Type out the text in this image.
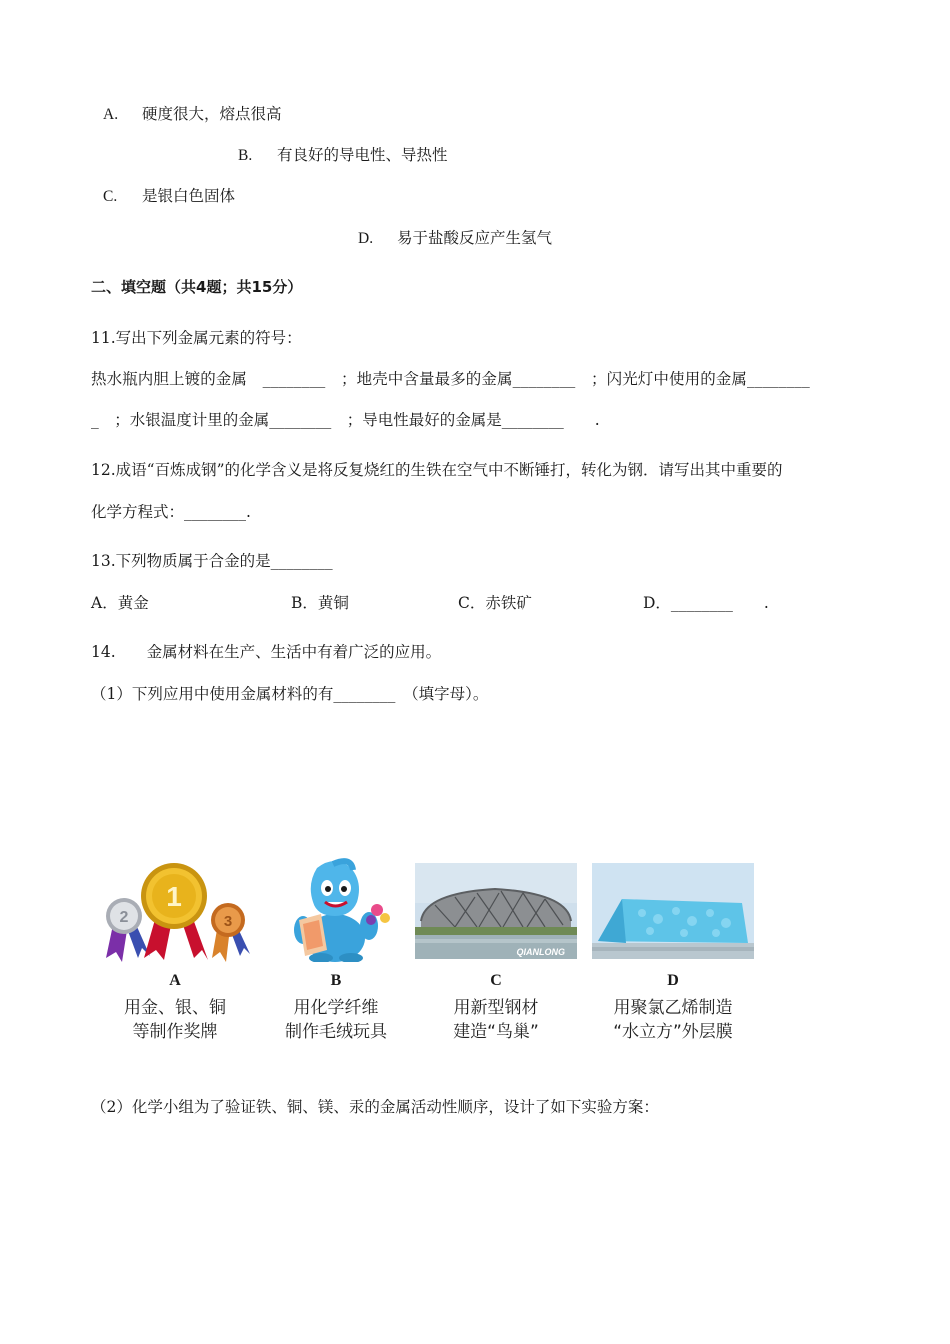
A. 硬度很大，熔点很高
B. 有良好的导电性、导热性
C. 是银白色固体
D. 易于盐酸反应产生氢气
二、填空题（共4题；共15分）
11.写出下列金属元素的符号：
热水瓶内胆上镀的金属　________　；地壳中含量最多的金属________　；闪光灯中使用的金属________
_　；水银温度计里的金属________　；导电性最好的金属是________　　.
12.成语“百炼成钢”的化学含义是将反复烧红的生铁在空气中不断锤打，转化为钢．请写出其中重要的
化学方程式：________.
13.下列物质属于合金的是________
A．黄金	B．黄铜	C．赤铁矿	D．________　　.
14.　　金属材料在生产、生活中有着广泛的应用。
（1）下列应用中使用金属材料的有________　（填字母）。
2	3
1
A
用金、银、铜
等制作奖牌
B
用化学纤维
制作毛绒玩具
QIANLONG
C
用新型钢材
建造“鸟巢”
D
用聚氯乙烯制造
“水立方”外层膜
（2）化学小组为了验证铁、铜、镁、汞的金属活动性顺序，设计了如下实验方案：
